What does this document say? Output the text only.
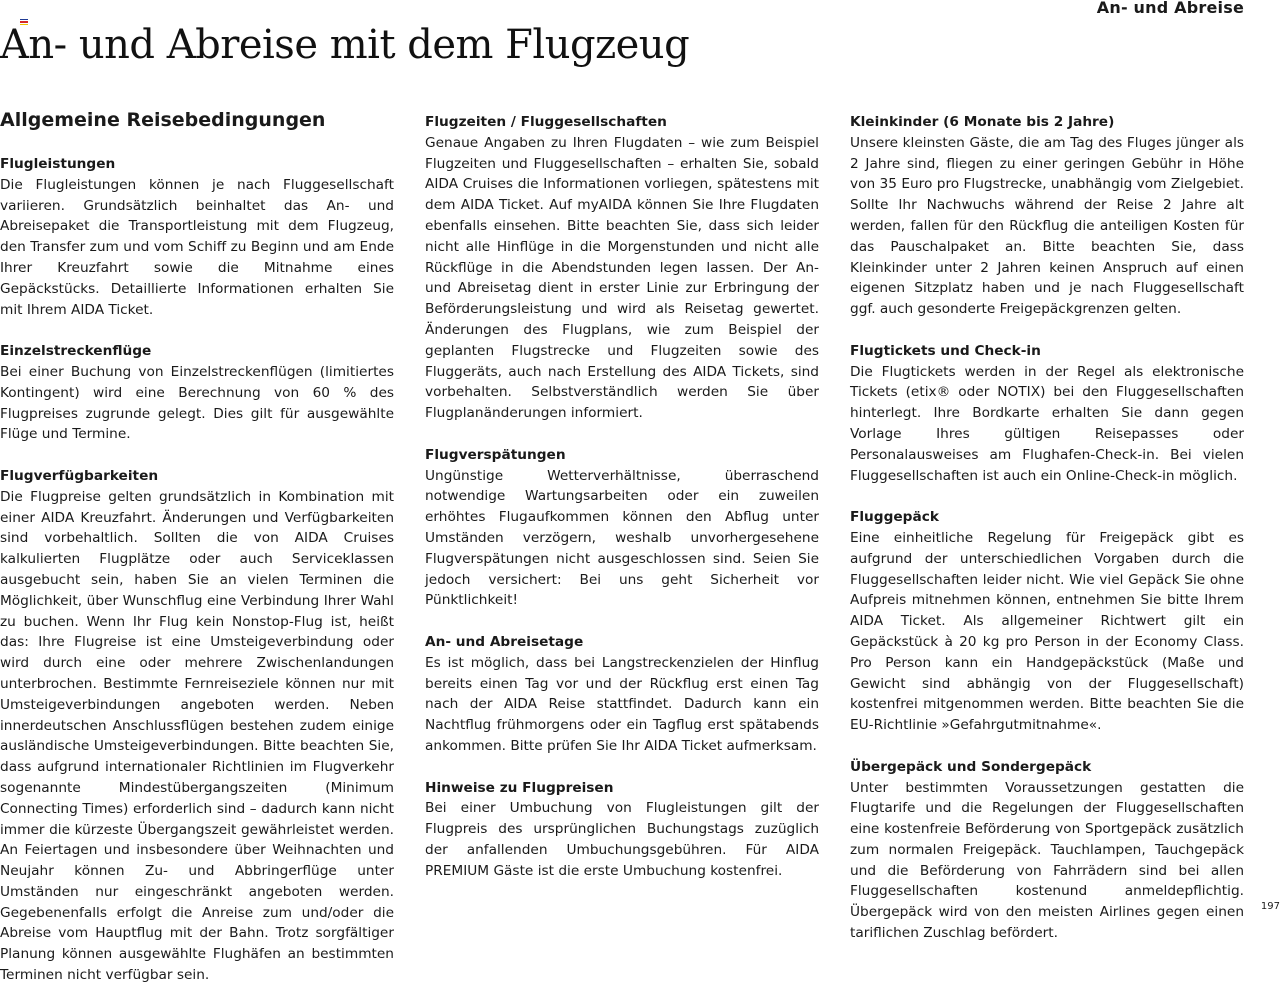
An- und Abreise
An- und Abreise mit dem Flugzeug
Allgemeine Reisebedingungen

Flugleistungen

Die Flugleistungen können je nach Fluggesellschaft variieren. Grundsätzlich beinhaltet das An- und Abreisepaket die Transportleistung mit dem Flugzeug, den Transfer zum und vom Schiff zu Beginn und am Ende Ihrer Kreuzfahrt sowie die Mitnahme eines Gepäckstücks. Detaillierte Informationen erhalten Sie mit Ihrem AIDA Ticket.

Einzelstreckenflüge

Bei einer Buchung von Einzelstreckenflügen (limitiertes Kontingent) wird eine Berechnung von 60 % des Flugpreises zugrunde gelegt. Dies gilt für ausgewählte Flüge und Termine.

Flugverfügbarkeiten

Die Flugpreise gelten grundsätzlich in Kombination mit einer AIDA Kreuzfahrt. Änderungen und Verfügbarkeiten sind vorbehaltlich. Sollten die von AIDA Cruises kalkulierten Flugplätze oder auch Serviceklassen ausgebucht sein, haben Sie an vielen Terminen die Möglichkeit, über Wunschflug eine Verbindung Ihrer Wahl zu buchen. Wenn Ihr Flug kein Nonstop-Flug ist, heißt das: Ihre Flugreise ist eine Umsteigeverbindung oder wird durch eine oder mehrere Zwischenlandungen unterbrochen. Bestimmte Fernreiseziele können nur mit Umsteigeverbindungen angeboten werden. Neben innerdeutschen Anschlussflügen bestehen zudem einige ausländische Umsteigeverbindungen. Bitte beachten Sie, dass aufgrund internationaler Richtlinien im Flugverkehr sogenannte Mindestübergangszeiten (Minimum Connecting Times) erforderlich sind – dadurch kann nicht immer die kürzeste Übergangszeit gewährleistet werden. An Feiertagen und insbesondere über Weihnachten und Neujahr können Zu- und Abbringerflüge unter Umständen nur eingeschränkt angeboten werden. Gegebenenfalls erfolgt die Anreise zum und/oder die Abreise vom Hauptflug mit der Bahn. Trotz sorgfältiger Planung können ausgewählte Flughäfen an bestimmten Terminen nicht verfügbar sein.

Flugzeiten / Fluggesellschaften

Genaue Angaben zu Ihren Flugdaten – wie zum Beispiel Flugzeiten und Fluggesellschaften – erhalten Sie, sobald AIDA Cruises die Informationen vorliegen, spätestens mit dem AIDA Ticket. Auf myAIDA können Sie Ihre Flugdaten ebenfalls einsehen. Bitte beachten Sie, dass sich leider nicht alle Hinflüge in die Morgenstunden und nicht alle Rückflüge in die Abendstunden legen lassen. Der An- und Abreisetag dient in erster Linie zur Erbringung der Beförderungsleistung und wird als Reisetag gewertet. Änderungen des Flugplans, wie zum Beispiel der geplanten Flugstrecke und Flugzeiten sowie des Fluggeräts, auch nach Erstellung des AIDA Tickets, sind vorbehalten. Selbstverständlich werden Sie über Flugplanänderungen informiert.

Flugverspätungen

Ungünstige Wetterverhältnisse, überraschend notwendige Wartungsarbeiten oder ein zuweilen erhöhtes Flugaufkommen können den Abflug unter Umständen verzögern, weshalb unvorhergesehene Flugverspätungen nicht ausgeschlossen sind. Seien Sie jedoch versichert: Bei uns geht Sicherheit vor Pünktlichkeit!

An- und Abreisetage

Es ist möglich, dass bei Langstreckenzielen der Hinflug bereits einen Tag vor und der Rückflug erst einen Tag nach der AIDA Reise stattfindet. Dadurch kann ein Nachtflug frühmorgens oder ein Tagflug erst spätabends ankommen. Bitte prüfen Sie Ihr AIDA Ticket aufmerksam.

Hinweise zu Flugpreisen

Bei einer Umbuchung von Flugleistungen gilt der Flugpreis des ursprünglichen Buchungstags zuzüglich der anfallenden Umbuchungsgebühren. Für AIDA PREMIUM Gäste ist die erste Umbuchung kostenfrei.

Kleinkinder (6 Monate bis 2 Jahre)

Unsere kleinsten Gäste, die am Tag des Fluges jünger als 2 Jahre sind, fliegen zu einer geringen Gebühr in Höhe von 35 Euro pro Flugstrecke, unabhängig vom Zielgebiet. Sollte Ihr Nachwuchs während der Reise 2 Jahre alt werden, fallen für den Rückflug die anteiligen Kosten für das Pauschalpaket an. Bitte beachten Sie, dass Kleinkinder unter 2 Jahren keinen Anspruch auf einen eigenen Sitzplatz haben und je nach Fluggesellschaft ggf. auch gesonderte Freigepäckgrenzen gelten.

Flugtickets und Check-in

Die Flugtickets werden in der Regel als elektronische Tickets (etix® oder NOTIX) bei den Fluggesellschaften hinterlegt. Ihre Bordkarte erhalten Sie dann gegen Vorlage Ihres gültigen Reisepasses oder Personalausweises am Flughafen-Check-in. Bei vielen Fluggesellschaften ist auch ein Online-Check-in möglich.

Fluggepäck

Eine einheitliche Regelung für Freigepäck gibt es aufgrund der unterschiedlichen Vorgaben durch die Fluggesellschaften leider nicht. Wie viel Gepäck Sie ohne Aufpreis mitnehmen können, entnehmen Sie bitte Ihrem AIDA Ticket. Als allgemeiner Richtwert gilt ein Gepäckstück à 20 kg pro Person in der Economy Class. Pro Person kann ein Handgepäckstück (Maße und Gewicht sind abhängig von der Fluggesellschaft) kostenfrei mitgenommen werden. Bitte beachten Sie die EU-Richtlinie »Gefahrgutmitnahme«.

Übergepäck und Sondergepäck

Unter bestimmten Voraussetzungen gestatten die Flugtarife und die Regelungen der Fluggesellschaften eine kostenfreie Beförderung von Sportgepäck zusätzlich zum normalen Freigepäck. Tauchlampen, Tauchgepäck und die Beförderung von Fahrrädern sind bei allen Fluggesellschaften kostenund anmeldepflichtig. Übergepäck wird von den meisten Airlines gegen einen tariflichen Zuschlag befördert.

197
